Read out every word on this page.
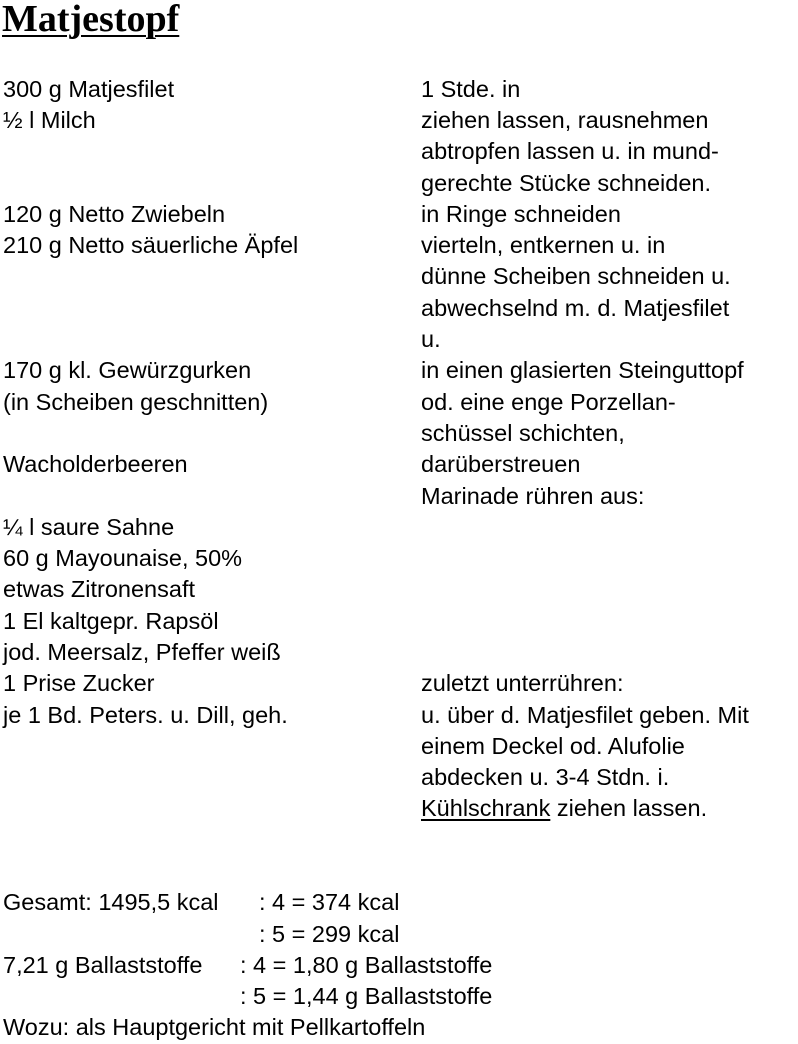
Matjestopf
300 g Matjesfilet
½ l Milch
120 g Netto Zwiebeln
210 g Netto säuerliche Äpfel
170 g kl. Gewürzgurken
(in Scheiben geschnitten)
Wacholderbeeren
¼ l saure Sahne
60 g Mayounaise, 50%
etwas Zitronensaft
1 El kaltgepr. Rapsöl
jod. Meersalz, Pfeffer weiß
1 Prise Zucker
je 1 Bd. Peters. u. Dill, geh.
1 Stde. in
ziehen lassen, rausnehmen
abtropfen lassen u. in mund-
gerechte Stücke schneiden.
in Ringe schneiden
vierteln, entkernen u. in
dünne Scheiben schneiden u.
abwechselnd m. d. Matjesfilet
u.
in einen glasierten Steinguttopf
od. eine enge Porzellan-
schüssel schichten,
darüberstreuen
Marinade rühren aus:
zuletzt unterrühren:
u. über d. Matjesfilet geben. Mit
einem Deckel od. Alufolie
abdecken u. 3-4 Stdn. i.
Kühlschrank ziehen lassen.
Gesamt: 1495,5 kcal : 4 = 374 kcal
: 5 = 299 kcal
7,21 g Ballaststoffe : 4 = 1,80 g Ballaststoffe
: 5 = 1,44 g Ballaststoffe
Wozu: als Hauptgericht mit Pellkartoffeln
